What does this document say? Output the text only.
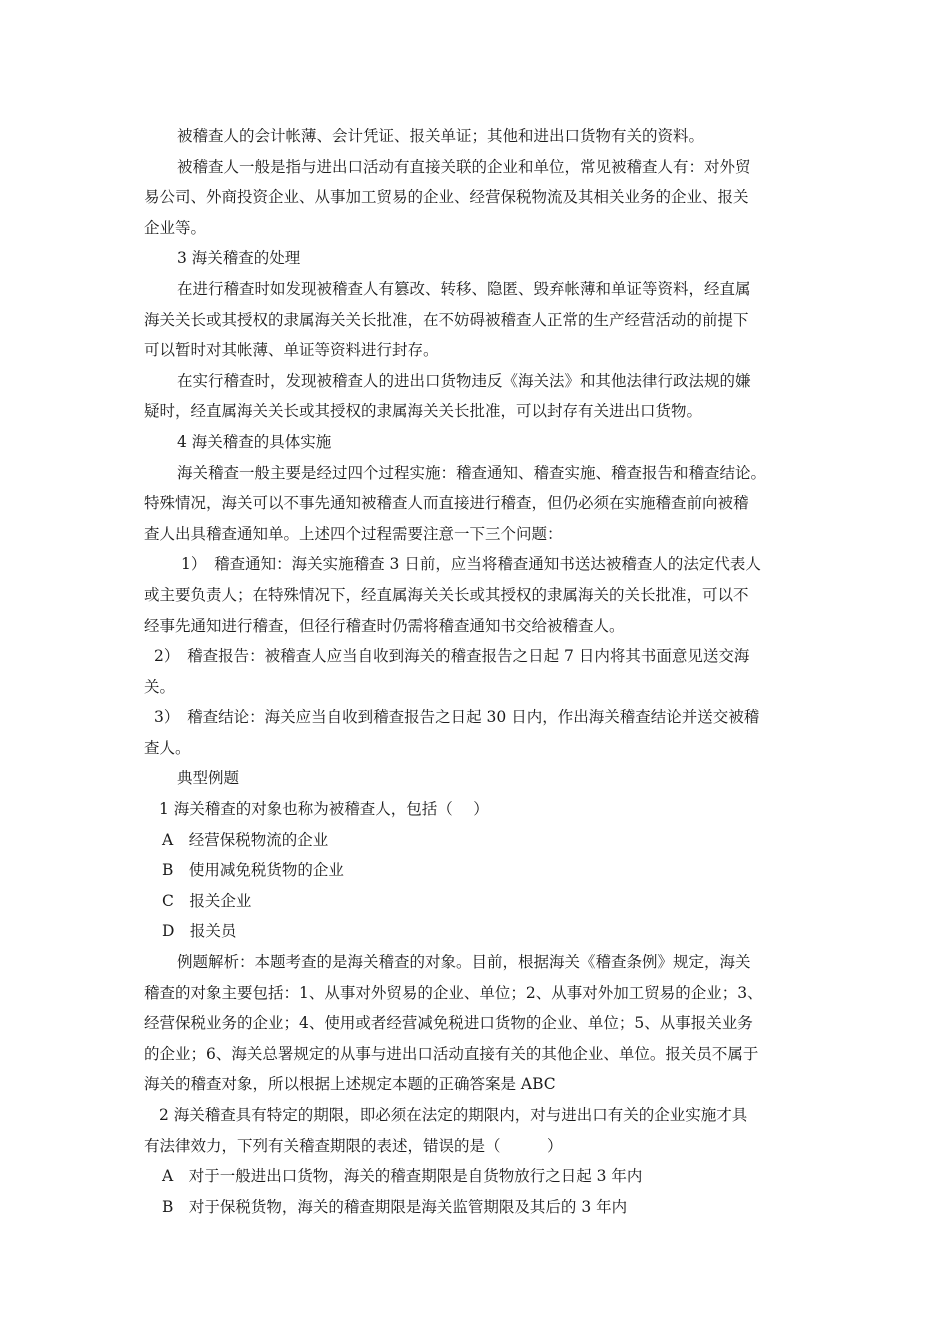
被稽查人的会计帐薄、会计凭证、报关单证；其他和进出口货物有关的资料。
被稽查人一般是指与进出口活动有直接关联的企业和单位，常见被稽查人有：对外贸
易公司、外商投资企业、从事加工贸易的企业、经营保税物流及其相关业务的企业、报关
企业等。
3 海关稽查的处理
在进行稽查时如发现被稽查人有篡改、转移、隐匿、毁弃帐薄和单证等资料，经直属
海关关长或其授权的隶属海关关长批准，在不妨碍被稽查人正常的生产经营活动的前提下
可以暂时对其帐薄、单证等资料进行封存。
在实行稽查时，发现被稽查人的进出口货物违反《海关法》和其他法律行政法规的嫌
疑时，经直属海关关长或其授权的隶属海关关长批准，可以封存有关进出口货物。
4 海关稽查的具体实施
海关稽查一般主要是经过四个过程实施：稽查通知、稽查实施、稽查报告和稽查结论。
特殊情况，海关可以不事先通知被稽查人而直接进行稽查，但仍必须在实施稽查前向被稽
查人出具稽查通知单。上述四个过程需要注意一下三个问题：
1）　稽查通知：海关实施稽查 3 日前，应当将稽查通知书送达被稽查人的法定代表人
或主要负责人；在特殊情况下，经直属海关关长或其授权的隶属海关的关长批准，可以不
经事先通知进行稽查，但径行稽查时仍需将稽查通知书交给被稽查人。
2）　稽查报告：被稽查人应当自收到海关的稽查报告之日起 7 日内将其书面意见送交海
关。
3）　稽查结论：海关应当自收到稽查报告之日起 30 日内，作出海关稽查结论并送交被稽
查人。
典型例题
1 海关稽查的对象也称为被稽查人，包括（　 ）
A　经营保税物流的企业
B　使用减免税货物的企业
C　报关企业
D　报关员
例题解析：本题考查的是海关稽查的对象。目前，根据海关《稽查条例》规定，海关
稽查的对象主要包括：1、从事对外贸易的企业、单位；2、从事对外加工贸易的企业；3、
经营保税业务的企业；4、使用或者经营减免税进口货物的企业、单位；5、从事报关业务
的企业；6、海关总署规定的从事与进出口活动直接有关的其他企业、单位。报关员不属于
海关的稽查对象，所以根据上述规定本题的正确答案是 ABC
2 海关稽查具有特定的期限，即必须在法定的期限内，对与进出口有关的企业实施才具
有法律效力，下列有关稽查期限的表述，错误的是（　　　）
A　对于一般进出口货物，海关的稽查期限是自货物放行之日起 3 年内
B　对于保税货物，海关的稽查期限是海关监管期限及其后的 3 年内
